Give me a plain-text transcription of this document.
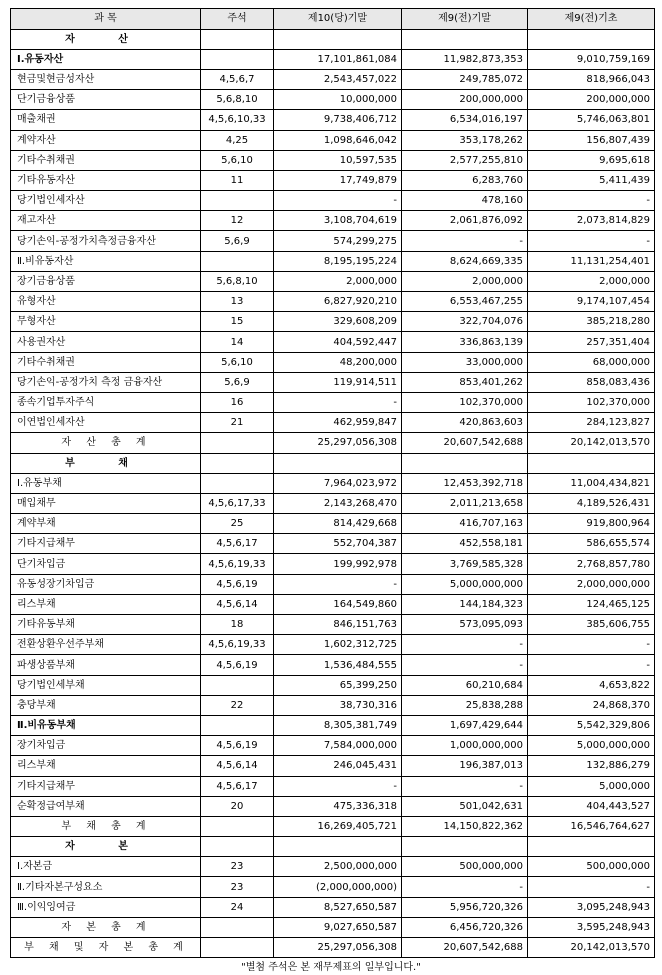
과 목	주석	제10(당)기말	제9(전)기말	제9(전)기초
자 산				
Ⅰ.유동자산		17,101,861,084	11,982,873,353	9,010,759,169
현금및현금성자산	4,5,6,7	2,543,457,022	249,785,072	818,966,043
단기금융상품	5,6,8,10	10,000,000	200,000,000	200,000,000
매출채권	4,5,6,10,33	9,738,406,712	6,534,016,197	5,746,063,801
계약자산	4,25	1,098,646,042	353,178,262	156,807,439
기타수취채권	5,6,10	10,597,535	2,577,255,810	9,695,618
기타유동자산	11	17,749,879	6,283,760	5,411,439
당기법인세자산		-	478,160	-
재고자산	12	3,108,704,619	2,061,876,092	2,073,814,829
당기손익-공정가치측정금융자산	5,6,9	574,299,275	-	-
Ⅱ.비유동자산		8,195,195,224	8,624,669,335	11,131,254,401
장기금융상품	5,6,8,10	2,000,000	2,000,000	2,000,000
유형자산	13	6,827,920,210	6,553,467,255	9,174,107,454
무형자산	15	329,608,209	322,704,076	385,218,280
사용권자산	14	404,592,447	336,863,139	257,351,404
기타수취채권	5,6,10	48,200,000	33,000,000	68,000,000
당기손익-공정가치 측정 금융자산	5,6,9	119,914,511	853,401,262	858,083,436
종속기업투자주식	16	-	102,370,000	102,370,000
이연법인세자산	21	462,959,847	420,863,603	284,123,827
자 산 총 계		25,297,056,308	20,607,542,688	20,142,013,570
부 채				
Ⅰ.유동부채		7,964,023,972	12,453,392,718	11,004,434,821
매입채무	4,5,6,17,33	2,143,268,470	2,011,213,658	4,189,526,431
계약부채	25	814,429,668	416,707,163	919,800,964
기타지급채무	4,5,6,17	552,704,387	452,558,181	586,655,574
단기차입금	4,5,6,19,33	199,992,978	3,769,585,328	2,768,857,780
유동성장기차입금	4,5,6,19	-	5,000,000,000	2,000,000,000
리스부채	4,5,6,14	164,549,860	144,184,323	124,465,125
기타유동부채	18	846,151,763	573,095,093	385,606,755
전환상환우선주부채	4,5,6,19,33	1,602,312,725	-	-
파생상품부채	4,5,6,19	1,536,484,555	-	-
당기법인세부채		65,399,250	60,210,684	4,653,822
충당부채	22	38,730,316	25,838,288	24,868,370
Ⅱ.비유동부채		8,305,381,749	1,697,429,644	5,542,329,806
장기차입금	4,5,6,19	7,584,000,000	1,000,000,000	5,000,000,000
리스부채	4,5,6,14	246,045,431	196,387,013	132,886,279
기타지급채무	4,5,6,17	-	-	5,000,000
순확정급여부채	20	475,336,318	501,042,631	404,443,527
부 채 총 계		16,269,405,721	14,150,822,362	16,546,764,627
자 본				
Ⅰ.자본금	23	2,500,000,000	500,000,000	500,000,000
Ⅱ.기타자본구성요소	23	(2,000,000,000)	-	-
Ⅲ.이익잉여금	24	8,527,650,587	5,956,720,326	3,095,248,943
자 본 총 계		9,027,650,587	6,456,720,326	3,595,248,943
부 채 및 자 본 총 계		25,297,056,308	20,607,542,688	20,142,013,570
"별첨 주석은 본 재무제표의 일부입니다."
